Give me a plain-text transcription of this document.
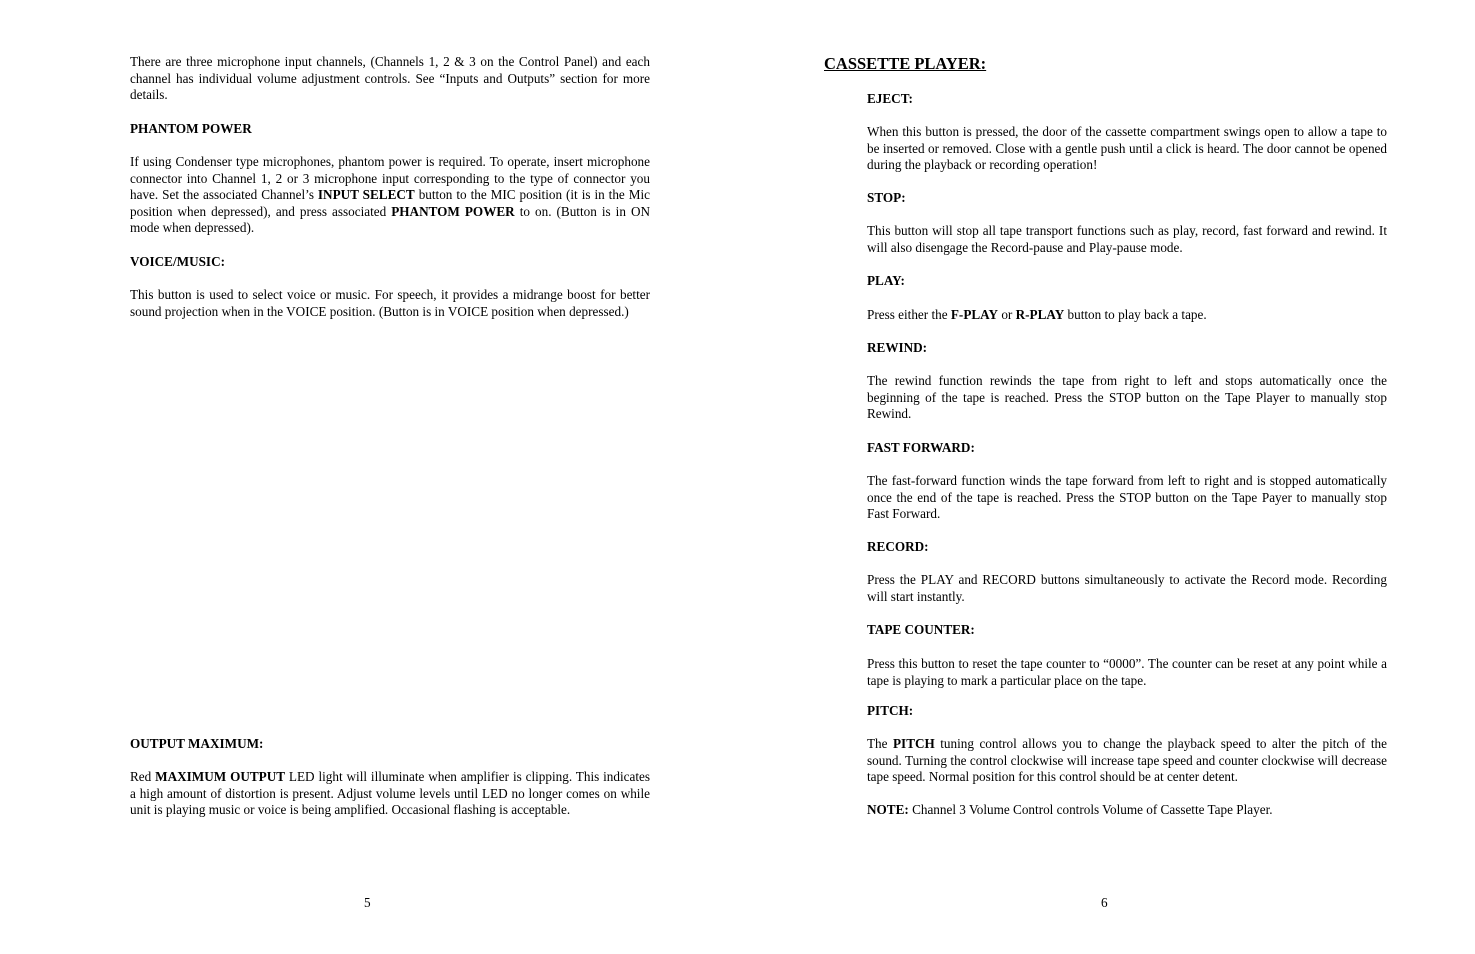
There are three microphone input channels, (Channels 1, 2 & 3 on the Control Panel) and each channel has individual volume adjustment controls. See “Inputs and Outputs” section for more details.

PHANTOM POWER

If using Condenser type microphones, phantom power is required. To operate, insert microphone connector into Channel 1, 2 or 3 microphone input corresponding to the type of connector you have. Set the associated Channel’s INPUT SELECT button to the MIC position (it is in the Mic position when depressed), and press associated PHANTOM POWER to on. (Button is in ON mode when depressed).

VOICE/MUSIC:

This button is used to select voice or music. For speech, it provides a midrange boost for better sound projection when in the VOICE position. (Button is in VOICE position when depressed.)

OUTPUT MAXIMUM:

Red MAXIMUM OUTPUT LED light will illuminate when amplifier is clipping. This indicates a high amount of distortion is present. Adjust volume levels until LED no longer comes on while unit is playing music or voice is being amplified. Occasional flashing is acceptable.

5

CASSETTE PLAYER:

EJECT:

When this button is pressed, the door of the cassette compartment swings open to allow a tape to be inserted or removed. Close with a gentle push until a click is heard. The door cannot be opened during the playback or recording operation!

STOP:

This button will stop all tape transport functions such as play, record, fast forward and rewind. It will also disengage the Record-pause and Play-pause mode.

PLAY:

Press either the F-PLAY or R-PLAY button to play back a tape.

REWIND:

The rewind function rewinds the tape from right to left and stops automatically once the beginning of the tape is reached. Press the STOP button on the Tape Player to manually stop Rewind.

FAST FORWARD:

The fast-forward function winds the tape forward from left to right and is stopped automatically once the end of the tape is reached. Press the STOP button on the Tape Payer to manually stop Fast Forward.

RECORD:

Press the PLAY and RECORD buttons simultaneously to activate the Record mode. Recording will start instantly.

TAPE COUNTER:

Press this button to reset the tape counter to “0000”. The counter can be reset at any point while a tape is playing to mark a particular place on the tape.

PITCH:

The PITCH tuning control allows you to change the playback speed to alter the pitch of the sound. Turning the control clockwise will increase tape speed and counter clockwise will decrease tape speed. Normal position for this control should be at center detent.

NOTE: Channel 3 Volume Control controls Volume of Cassette Tape Player.

6
